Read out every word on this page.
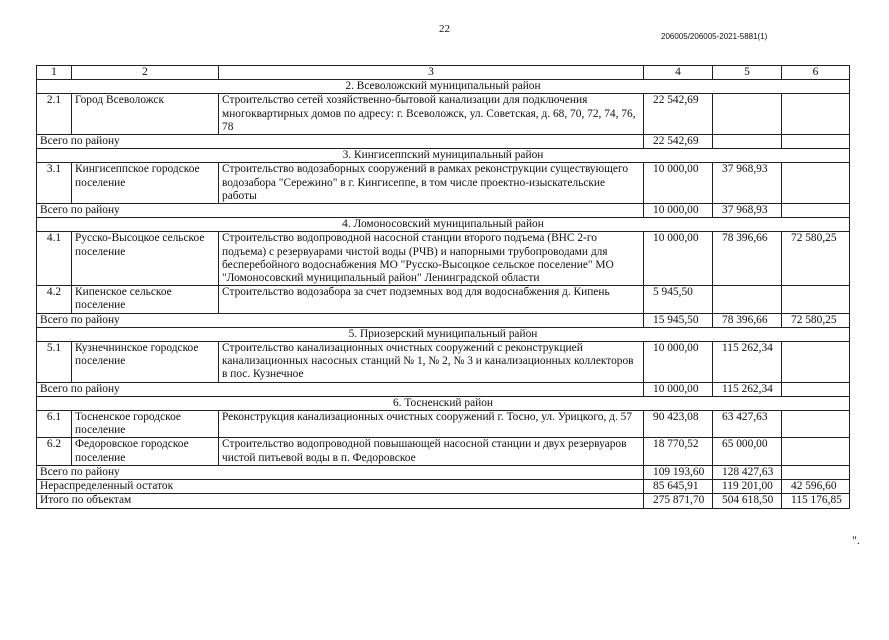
22
206005/206005-2021-5881(1)
1	2	3	4	5	6
2. Всеволожский муниципальный район					
2.1	Город Всеволожск	Строительство сетей хозяйственно-бытовой канализации для подключения многоквартирных домов по адресу: г. Всеволожск, ул. Советская, д. 68, 70, 72, 74, 76, 78	22 542,69		
Всего по району			22 542,69		
3. Кингисеппский муниципальный район					
3.1	Кингисеппское городское поселение	Строительство водозаборных сооружений в рамках реконструкции существующего водозабора "Сережино" в г. Кингисеппе, в том числе проектно-изыскательские работы	10 000,00	37 968,93	
Всего по району			10 000,00	37 968,93	
4. Ломоносовский муниципальный район					
4.1	Русско-Высоцкое сельское поселение	Строительство водопроводной насосной станции второго подъема (ВНС 2-го подъема) с резервуарами чистой воды (РЧВ) и напорными трубопроводами для бесперебойного водоснабжения МО "Русско-Высоцкое сельское поселение" МО "Ломоносовский муниципальный район" Ленинградской области	10 000,00	78 396,66	72 580,25
4.2	Кипенское сельское поселение	Строительство водозабора за счет подземных вод для водоснабжения д. Кипень	5 945,50		
Всего по району			15 945,50	78 396,66	72 580,25
5. Приозерский муниципальный район					
5.1	Кузнечнинское городское поселение	Строительство канализационных очистных сооружений с реконструкцией канализационных насосных станций № 1, № 2, № 3 и канализационных коллекторов в пос. Кузнечное	10 000,00	115 262,34	
Всего по району			10 000,00	115 262,34	
6. Тосненский район					
6.1	Тосненское городское поселение	Реконструкция канализационных очистных сооружений г. Тосно, ул. Урицкого, д. 57	90 423,08	63 427,63	
6.2	Федоровское городское поселение	Строительство водопроводной повышающей насосной станции и двух резервуаров чистой питьевой воды в п. Федоровское	18 770,52	65 000,00	
Всего по району			109 193,60	128 427,63	
Нераспределенный остаток			85 645,91	119 201,00	42 596,60
Итого по объектам			275 871,70	504 618,50	115 176,85
".
